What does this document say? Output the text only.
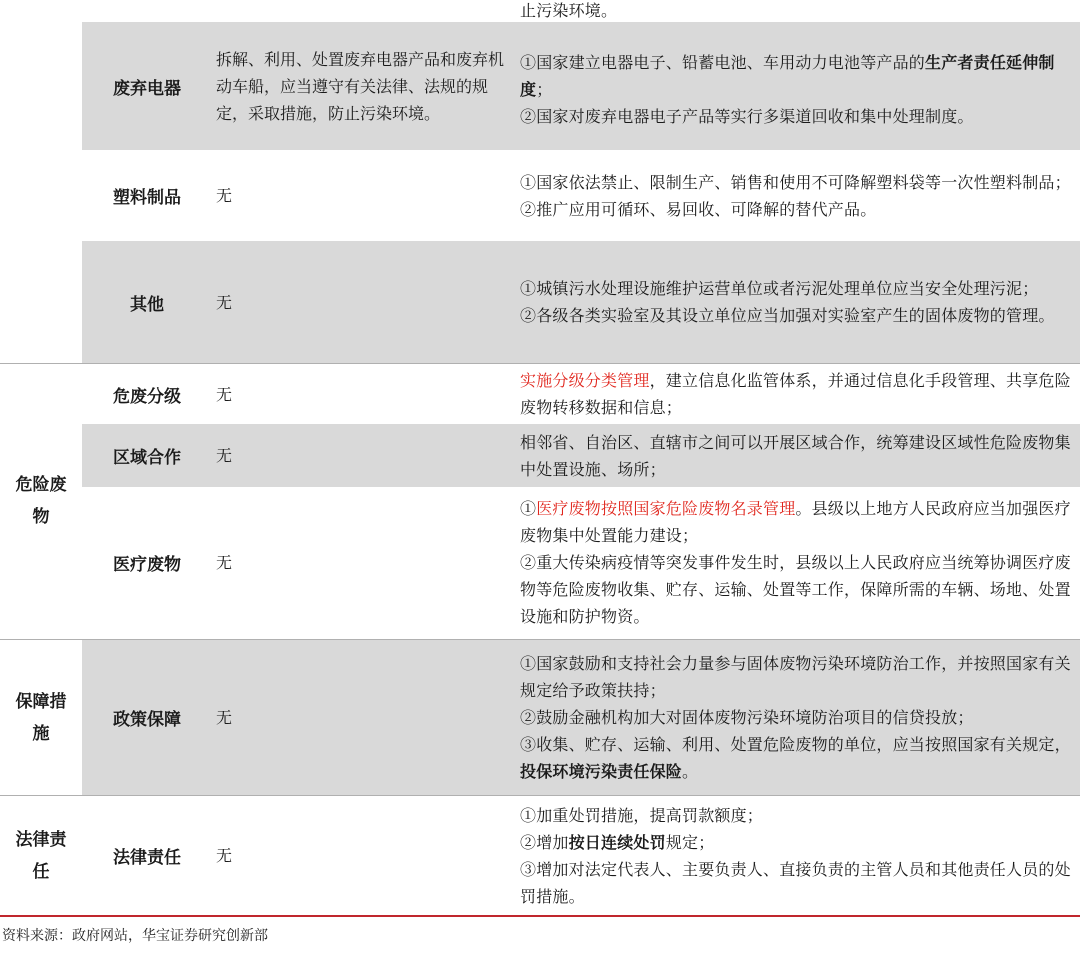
止污染环境。
废弃电器
拆解、利用、处置废弃电器产品和废弃机动车船，应当遵守有关法律、法规的规定，采取措施，防止污染环境。
①国家建立电器电子、铅蓄电池、车用动力电池等产品的生产者责任延伸制度；
②国家对废弃电器电子产品等实行多渠道回收和集中处理制度。
塑料制品 无
①国家依法禁止、限制生产、销售和使用不可降解塑料袋等一次性塑料制品；
②推广应用可循环、易回收、可降解的替代产品。
其他	无
①城镇污水处理设施维护运营单位或者污泥处理单位应当安全处理污泥；
②各级各类实验室及其设立单位应当加强对实验室产生的固体废物的管理。
危险废物
危废分级 无
实施分级分类管理，建立信息化监管体系，并通过信息化手段管理、共享危险废物转移数据和信息；
区域合作 无
相邻省、自治区、直辖市之间可以开展区域合作，统筹建设区域性危险废物集中处置设施、场所；
医疗废物 无
①医疗废物按照国家危险废物名录管理。县级以上地方人民政府应当加强医疗废物集中处置能力建设；
②重大传染病疫情等突发事件发生时，县级以上人民政府应当统筹协调医疗废物等危险废物收集、贮存、运输、处置等工作，保障所需的车辆、场地、处置设施和防护物资。
保障措施
政策保障 无
①国家鼓励和支持社会力量参与固体废物污染环境防治工作，并按照国家有关规定给予政策扶持；
②鼓励金融机构加大对固体废物污染环境防治项目的信贷投放；
③收集、贮存、运输、利用、处置危险废物的单位，应当按照国家有关规定，投保环境污染责任保险。
法律责任
法律责任 无
①加重处罚措施，提高罚款额度；
②增加按日连续处罚规定；
③增加对法定代表人、主要负责人、直接负责的主管人员和其他责任人员的处罚措施。
资料来源：政府网站，华宝证券研究创新部
